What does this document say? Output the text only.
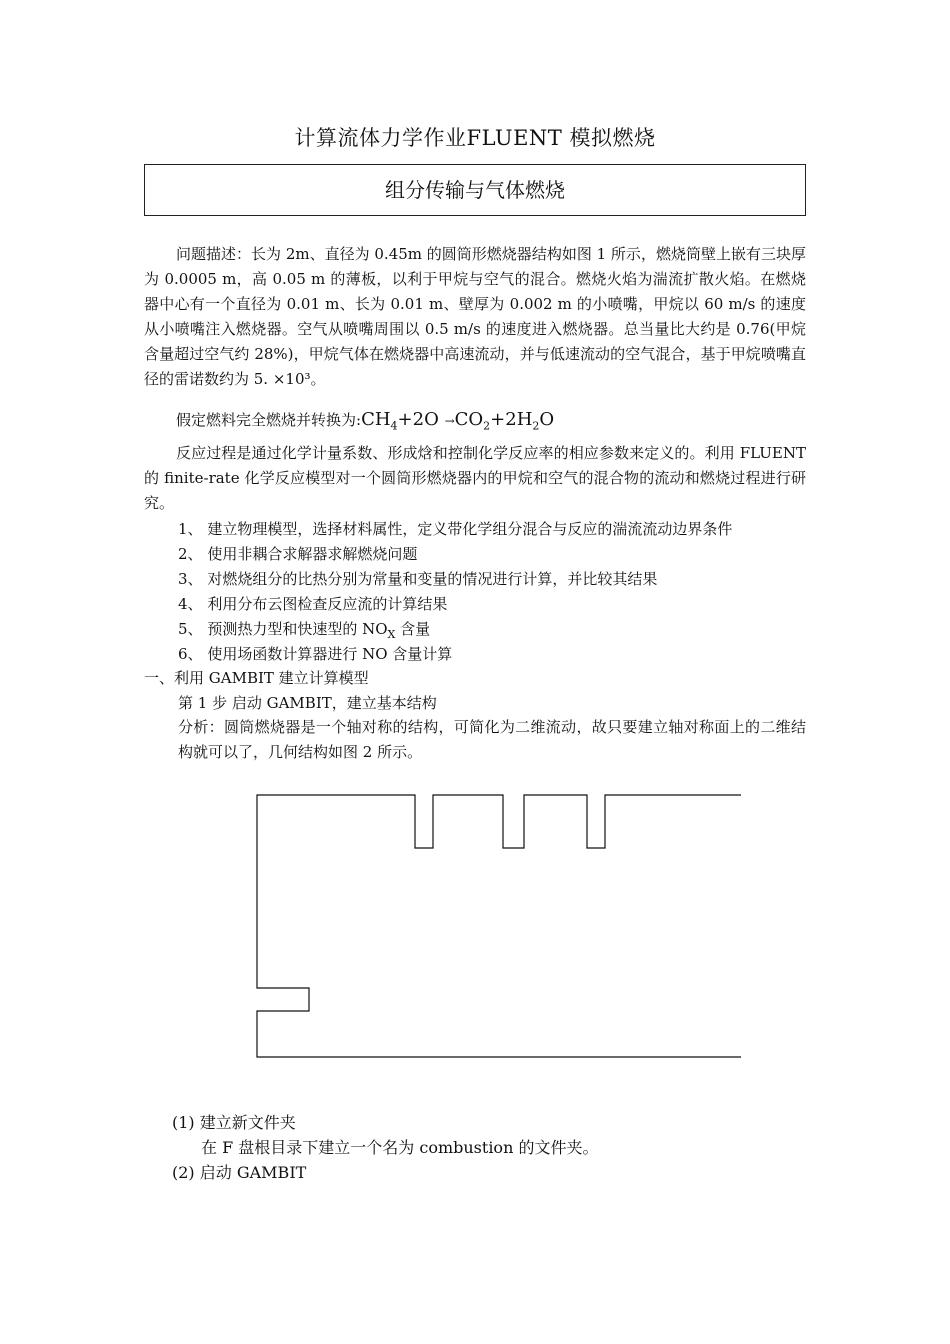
计算流体力学作业FLUENT 模拟燃烧
组分传输与气体燃烧
问题描述：长为 2m、直径为 0.45m 的圆筒形燃烧器结构如图 1 所示，燃烧筒壁上嵌有三块厚为 0.0005 m，高 0.05 m 的薄板，以利于甲烷与空气的混合。燃烧火焰为湍流扩散火焰。在燃烧器中心有一个直径为 0.01 m、长为 0.01 m、壁厚为 0.002 m 的小喷嘴，甲烷以 60 m/s 的速度从小喷嘴注入燃烧器。空气从喷嘴周围以 0.5 m/s 的速度进入燃烧器。总当量比大约是 0.76(甲烷含量超过空气约 28%)，甲烷气体在燃烧器中高速流动，并与低速流动的空气混合，基于甲烷喷嘴直径的雷诺数约为 5. ×10³。
假定燃料完全燃烧并转换为$:CH_4+2O \to CO_2+2H_2O$
反应过程是通过化学计量系数、形成焓和控制化学反应率的相应参数来定义的。利用 FLUENT 的 finite-rate 化学反应模型对一个圆筒形燃烧器内的甲烷和空气的混合物的流动和燃烧过程进行研究。
1、 建立物理模型，选择材料属性，定义带化学组分混合与反应的湍流流动边界条件
2、 使用非耦合求解器求解燃烧问题
3、 对燃烧组分的比热分别为常量和变量的情况进行计算，并比较其结果
4、 利用分布云图检查反应流的计算结果
5、 预测热力型和快速型的 $NO_X$ 含量
6、 使用场函数计算器进行 NO 含量计算
一、利用 GAMBIT 建立计算模型
第 1 步 启动 GAMBIT，建立基本结构
分析：圆筒燃烧器是一个轴对称的结构，可简化为二维流动，故只要建立轴对称面上的二维结构就可以了，几何结构如图 2 所示。
(1) 建立新文件夹
在 F 盘根目录下建立一个名为 combustion 的文件夹。
(2) 启动 GAMBIT
